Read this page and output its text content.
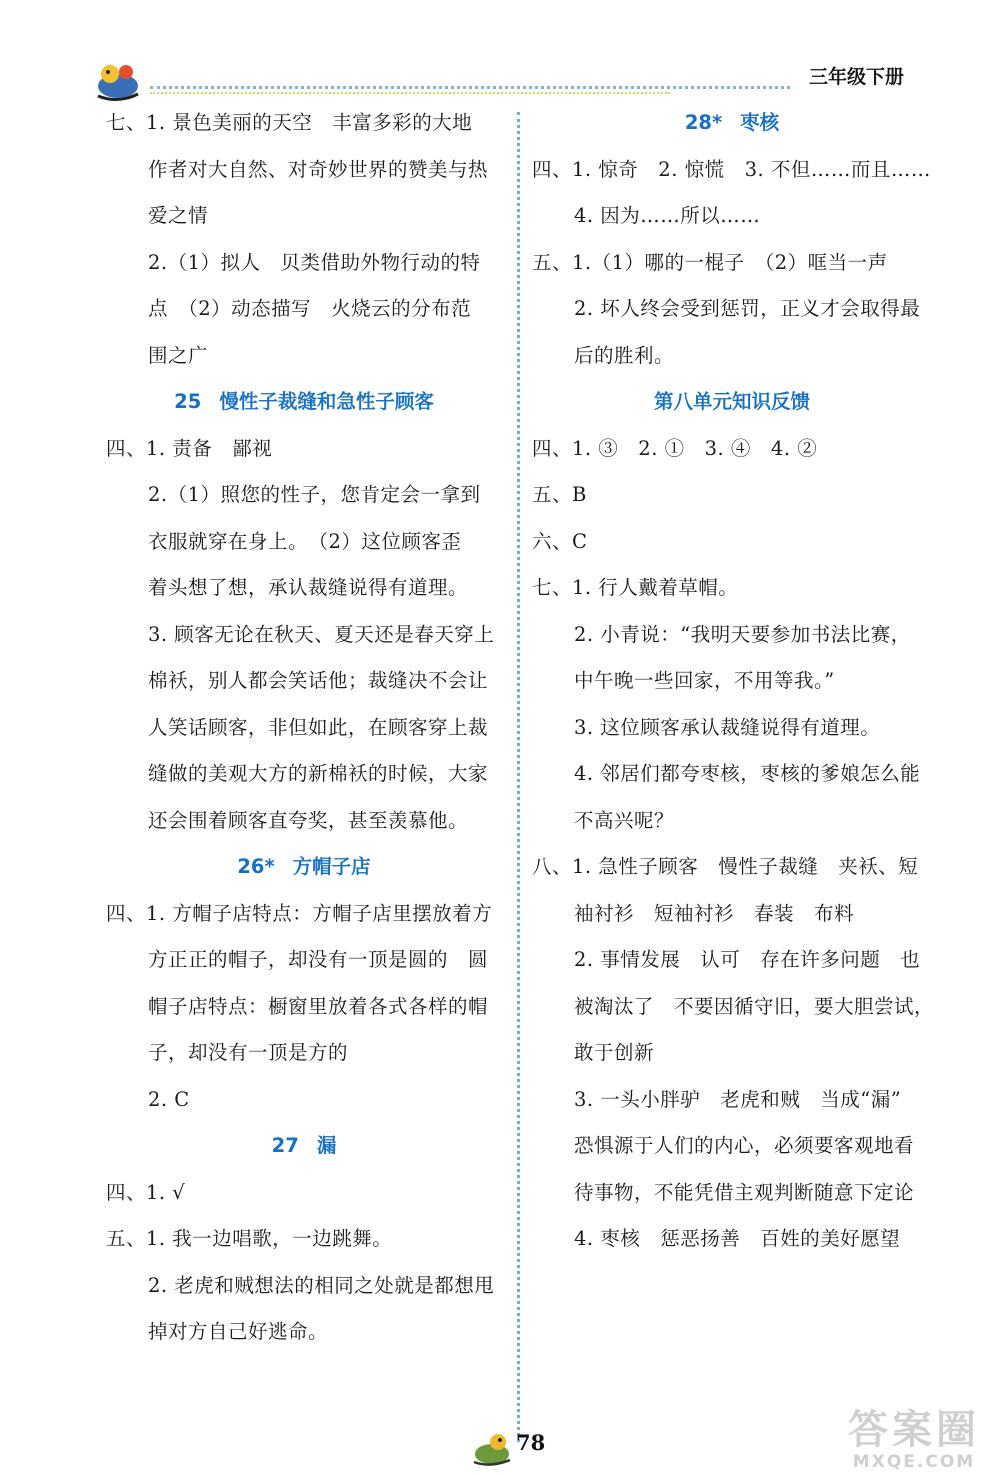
三年级下册
七、1. 景色美丽的天空　丰富多彩的大地
作者对大自然、对奇妙世界的赞美与热
爱之情
2.（1）拟人　贝类借助外物行动的特
点　（2）动态描写　火烧云的分布范
围之广
25 慢性子裁缝和急性子顾客
四、1. 责备　鄙视
2.（1）照您的性子，您肯定会一拿到
衣服就穿在身上。　（2）这位顾客歪
着头想了想，承认裁缝说得有道理。
3. 顾客无论在秋天、夏天还是春天穿上
棉袄，别人都会笑话他；裁缝决不会让
人笑话顾客，非但如此，在顾客穿上裁
缝做的美观大方的新棉袄的时候，大家
还会围着顾客直夸奖，甚至羡慕他。
26* 方帽子店
四、1. 方帽子店特点：方帽子店里摆放着方
方正正的帽子，却没有一顶是圆的　圆
帽子店特点：橱窗里放着各式各样的帽
子，却没有一顶是方的
2. C
27 漏
四、1. √
五、1. 我一边唱歌，一边跳舞。
2. 老虎和贼想法的相同之处就是都想甩
掉对方自己好逃命。
28* 枣核
四、1. 惊奇　2. 惊慌　3. 不但……而且……
4. 因为……所以……
五、1.（1）哪的一棍子　（2）哐当一声
2. 坏人终会受到惩罚，正义才会取得最
后的胜利。
第八单元知识反馈
四、1. ③　2. ①　3. ④　4. ②
五、B
六、C
七、1. 行人戴着草帽。
2. 小青说：“我明天要参加书法比赛，
中午晚一些回家，不用等我。”
3. 这位顾客承认裁缝说得有道理。
4. 邻居们都夸枣核，枣核的爹娘怎么能
不高兴呢？
八、1. 急性子顾客　慢性子裁缝　夹袄、短
袖衬衫　短袖衬衫　春装　布料
2. 事情发展　认可　存在许多问题　也
被淘汰了　不要因循守旧，要大胆尝试，
敢于创新
3. 一头小胖驴　老虎和贼　当成“漏”
恐惧源于人们的内心，必须要客观地看
待事物，不能凭借主观判断随意下定论
4. 枣核　惩恶扬善　百姓的美好愿望
78	答案圈
MXQE.COM
